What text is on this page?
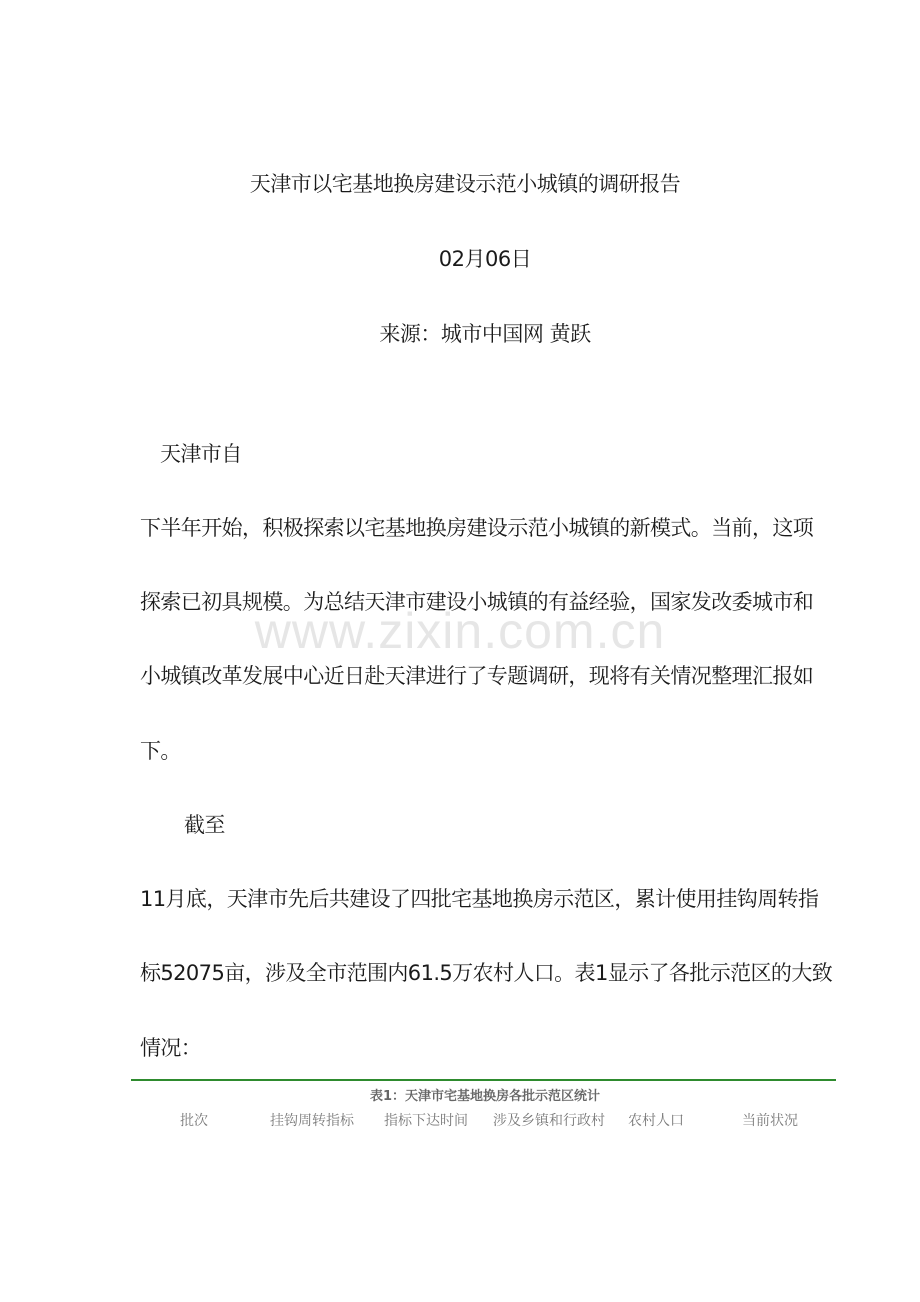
天津市以宅基地换房建设示范小城镇的调研报告
02月06日
来源：城市中国网 黄跃
天津市自
下半年开始，积极探索以宅基地换房建设示范小城镇的新模式。当前，这项
探索已初具规模。为总结天津市建设小城镇的有益经验，国家发改委城市和
小城镇改革发展中心近日赴天津进行了专题调研，现将有关情况整理汇报如
下。
截至
11月底，天津市先后共建设了四批宅基地换房示范区，累计使用挂钩周转指
标52075亩，涉及全市范围内61.5万农村人口。表1显示了各批示范区的大致
情况：
www.zixin.com.cn
表1：天津市宅基地换房各批示范区统计
批次	挂钩周转指标 指标下达时间 涉及乡镇和行政村 农村人口	当前状况
